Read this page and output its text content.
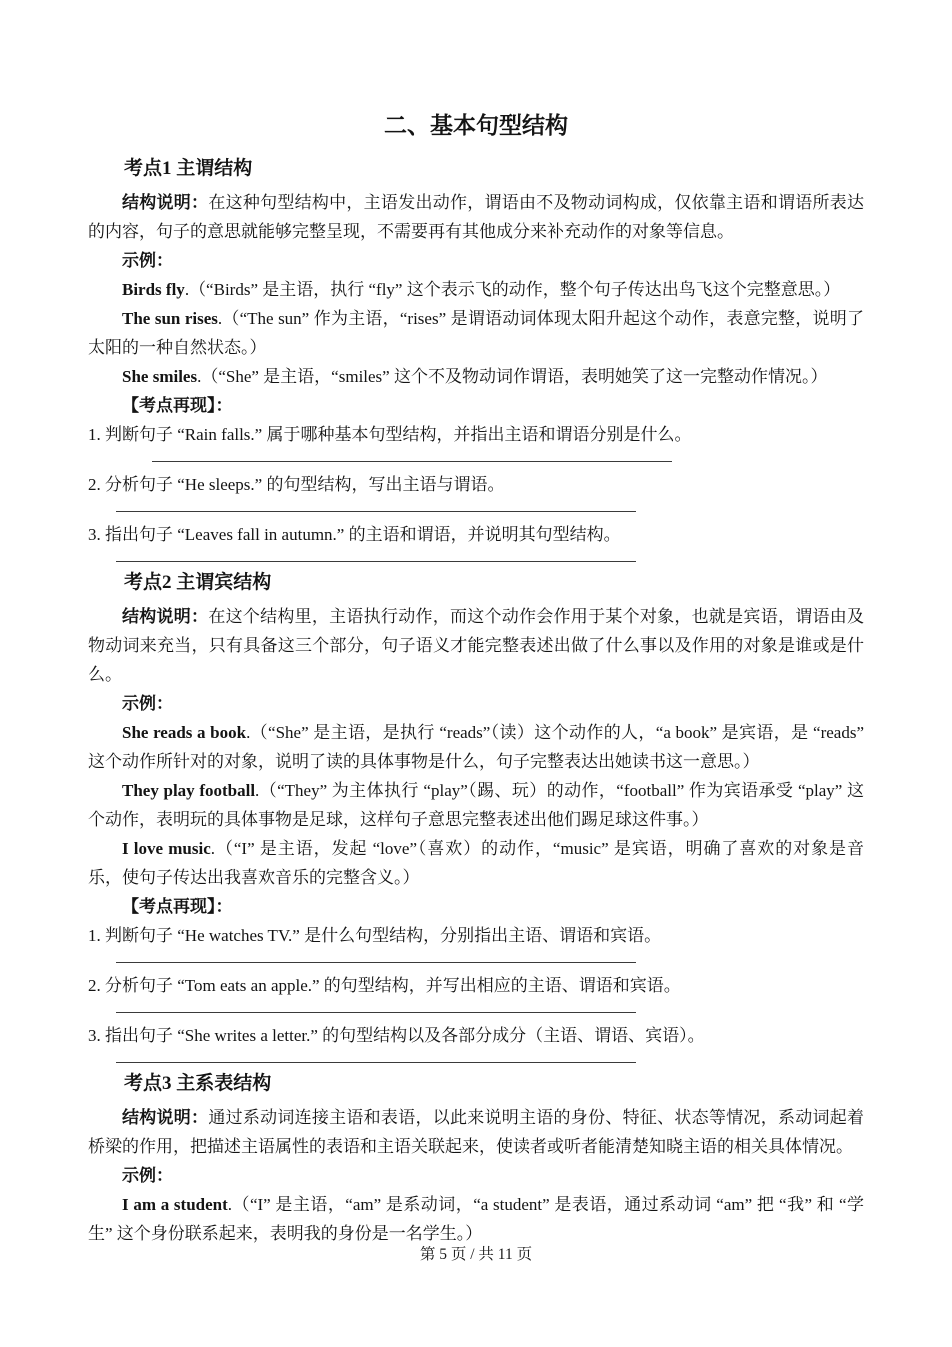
二、基本句型结构
考点1 主谓结构

结构说明：在这种句型结构中，主语发出动作，谓语由不及物动词构成，仅依靠主语和谓语所表达的内容，句子的意思就能够完整呈现，不需要再有其他成分来补充动作的对象等信息。

示例：

Birds fly.（“Birds” 是主语，执行 “fly” 这个表示飞的动作，整个句子传达出鸟飞这个完整意思。）

The sun rises.（“The sun” 作为主语，“rises” 是谓语动词体现太阳升起这个动作，表意完整，说明了太阳的一种自然状态。）

She smiles.（“She” 是主语，“smiles” 这个不及物动词作谓语，表明她笑了这一完整动作情况。）

【考点再现】：

1. 判断句子 “Rain falls.” 属于哪种基本句型结构，并指出主语和谓语分别是什么。

2. 分析句子 “He sleeps.” 的句型结构，写出主语与谓语。

3. 指出句子 “Leaves fall in autumn.” 的主语和谓语，并说明其句型结构。

考点2 主谓宾结构

结构说明：在这个结构里，主语执行动作，而这个动作会作用于某个对象，也就是宾语，谓语由及物动词来充当，只有具备这三个部分，句子语义才能完整表述出做了什么事以及作用的对象是谁或是什么。

示例：

She reads a book.（“She” 是主语，是执行 “reads”（读）这个动作的人，“a book” 是宾语，是 “reads” 这个动作所针对的对象，说明了读的具体事物是什么，句子完整表达出她读书这一意思。）

They play football.（“They” 为主体执行 “play”（踢、玩）的动作，“football” 作为宾语承受 “play” 这个动作，表明玩的具体事物是足球，这样句子意思完整表述出他们踢足球这件事。）

I love music.（“I” 是主语，发起 “love”（喜欢）的动作，“music” 是宾语，明确了喜欢的对象是音乐，使句子传达出我喜欢音乐的完整含义。）

【考点再现】：

1. 判断句子 “He watches TV.” 是什么句型结构，分别指出主语、谓语和宾语。

2. 分析句子 “Tom eats an apple.” 的句型结构，并写出相应的主语、谓语和宾语。

3. 指出句子 “She writes a letter.” 的句型结构以及各部分成分（主语、谓语、宾语）。

考点3 主系表结构

结构说明：通过系动词连接主语和表语，以此来说明主语的身份、特征、状态等情况，系动词起着桥梁的作用，把描述主语属性的表语和主语关联起来，使读者或听者能清楚知晓主语的相关具体情况。

示例：

I am a student.（“I” 是主语，“am” 是系动词，“a student” 是表语，通过系动词 “am” 把 “我” 和 “学生” 这个身份联系起来，表明我的身份是一名学生。）

第 5 页 / 共 11 页
